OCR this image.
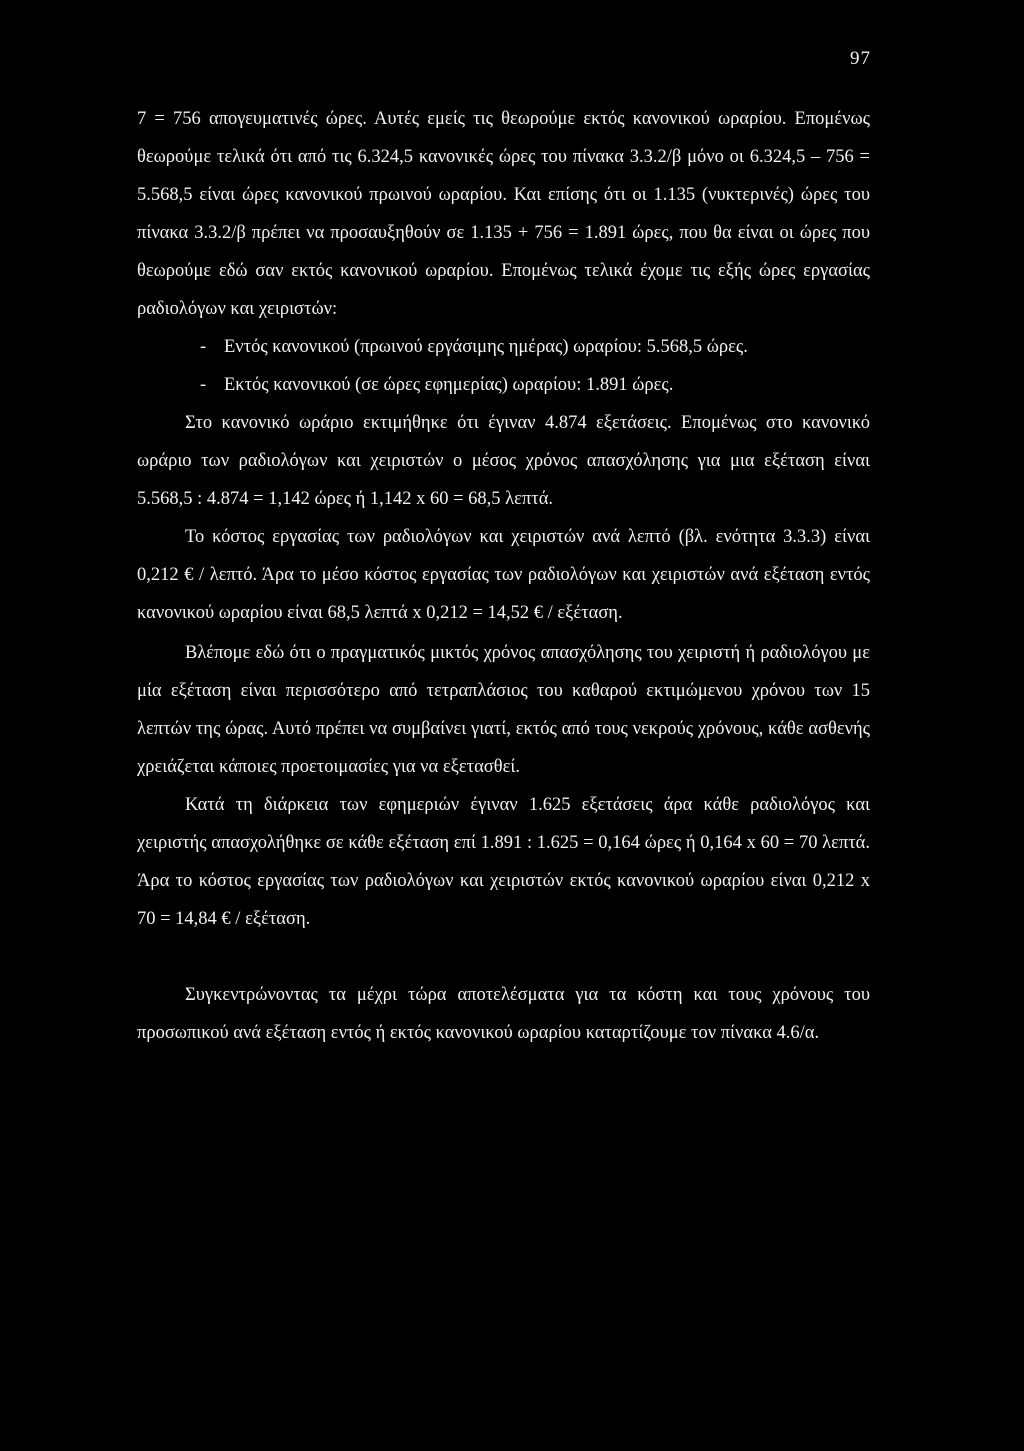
97

7 = 756 απογευματινές ώρες. Αυτές εμείς τις θεωρούμε εκτός κανονικού ωραρίου. Επομένως θεωρούμε τελικά ότι από τις 6.324,5 κανονικές ώρες του πίνακα 3.3.2/β μόνο οι 6.324,5 – 756 = 5.568,5 είναι ώρες κανονικού πρωινού ωραρίου. Και επίσης ότι οι 1.135 (νυκτερινές) ώρες του πίνακα 3.3.2/β πρέπει να προσαυξηθούν σε 1.135 + 756 = 1.891 ώρες, που θα είναι οι ώρες που θεωρούμε εδώ σαν εκτός κανονικού ωραρίου. Επομένως τελικά έχομε τις εξής ώρες εργασίας ραδιολόγων και χειριστών:

- Εντός κανονικού (πρωινού εργάσιμης ημέρας) ωραρίου: 5.568,5 ώρες.
- Εκτός κανονικού (σε ώρες εφημερίας) ωραρίου: 1.891 ώρες.

Στο κανονικό ωράριο εκτιμήθηκε ότι έγιναν 4.874 εξετάσεις. Επομένως στο κανονικό ωράριο των ραδιολόγων και χειριστών ο μέσος χρόνος απασχόλησης για μια εξέταση είναι 5.568,5 : 4.874 = 1,142 ώρες ή 1,142 x 60 = 68,5 λεπτά.

Το κόστος εργασίας των ραδιολόγων και χειριστών ανά λεπτό (βλ. ενότητα 3.3.3) είναι 0,212 € / λεπτό. Άρα το μέσο κόστος εργασίας των ραδιολόγων και χειριστών ανά εξέταση εντός κανονικού ωραρίου είναι 68,5 λεπτά x 0,212 = 14,52 € / εξέταση.

Βλέπομε εδώ ότι ο πραγματικός μικτός χρόνος απασχόλησης του χειριστή ή ραδιολόγου με μία εξέταση είναι περισσότερο από τετραπλάσιος του καθαρού εκτιμώμενου χρόνου των 15 λεπτών της ώρας. Αυτό πρέπει να συμβαίνει γιατί, εκτός από τους νεκρούς χρόνους, κάθε ασθενής χρειάζεται κάποιες προετοιμασίες για να εξετασθεί.

Κατά τη διάρκεια των εφημεριών έγιναν 1.625 εξετάσεις άρα κάθε ραδιολόγος και χειριστής απασχολήθηκε σε κάθε εξέταση επί 1.891 : 1.625 = 0,164 ώρες ή 0,164 x 60 = 70 λεπτά. Άρα το κόστος εργασίας των ραδιολόγων και χειριστών εκτός κανονικού ωραρίου είναι 0,212 x 70 = 14,84 € / εξέταση.

Συγκεντρώνοντας τα μέχρι τώρα αποτελέσματα για τα κόστη και τους χρόνους του προσωπικού ανά εξέταση εντός ή εκτός κανονικού ωραρίου καταρτίζουμε τον πίνακα 4.6/α.
